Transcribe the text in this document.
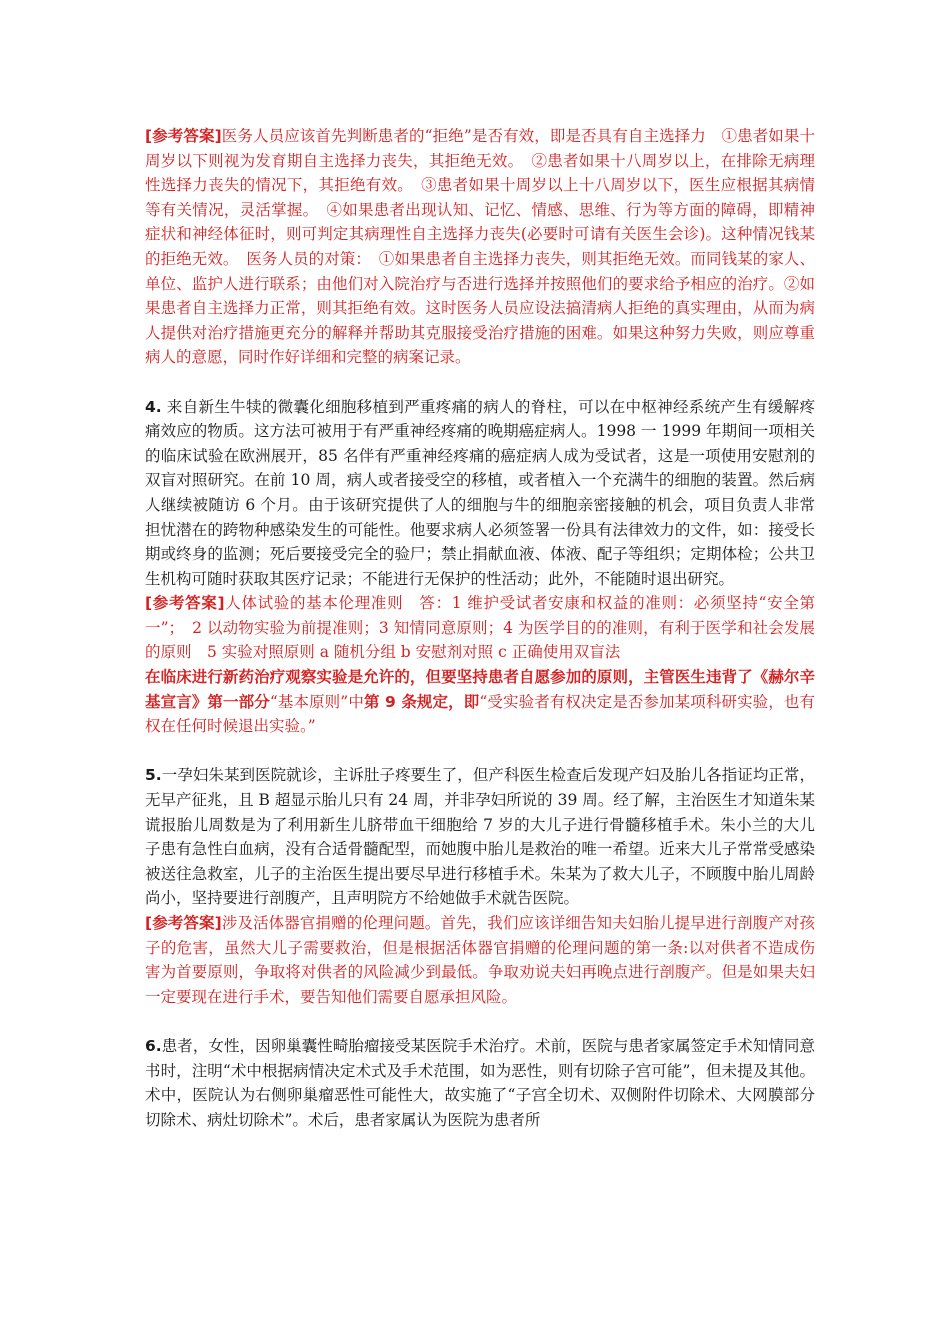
[参考答案]医务人员应该首先判断患者的“拒绝”是否有效，即是否具有自主选择力　①患者如果十周岁以下则视为发育期自主选择力丧失，其拒绝无效。　②患者如果十八周岁以上，在排除无病理性选择力丧失的情况下，其拒绝有效。　③患者如果十周岁以上十八周岁以下，医生应根据其病情等有关情况，灵活掌握。　④如果患者出现认知、记忆、情感、思维、行为等方面的障碍，即精神症状和神经体征时，则可判定其病理性自主选择力丧失(必要时可请有关医生会诊)。这种情况钱某的拒绝无效。　医务人员的对策：　①如果患者自主选择力丧失，则其拒绝无效。而同钱某的家人、单位、监护人进行联系；由他们对入院治疗与否进行选择并按照他们的要求给予相应的治疗。②如果患者自主选择力正常，则其拒绝有效。这时医务人员应设法搞清病人拒绝的真实理由，从而为病人提供对治疗措施更充分的解释并帮助其克服接受治疗措施的困难。如果这种努力失败，则应尊重病人的意愿，同时作好详细和完整的病案记录。

4. 来自新生牛犊的微囊化细胞移植到严重疼痛的病人的脊柱，可以在中枢神经系统产生有缓解疼痛效应的物质。这方法可被用于有严重神经疼痛的晚期癌症病人。1998 一 1999 年期间一项相关的临床试验在欧洲展开，85 名伴有严重神经疼痛的癌症病人成为受试者，这是一项使用安慰剂的双盲对照研究。在前 10 周，病人或者接受空的移植，或者植入一个充满牛的细胞的装置。然后病人继续被随访 6 个月。由于该研究提供了人的细胞与牛的细胞亲密接触的机会，项目负责人非常担忧潜在的跨物种感染发生的可能性。他要求病人必须签署一份具有法律效力的文件，如：接受长期或终身的监测；死后要接受完全的验尸；禁止捐献血液、体液、配子等组织；定期体检；公共卫生机构可随时获取其医疗记录；不能进行无保护的性活动；此外，不能随时退出研究。

[参考答案]人体试验的基本伦理准则　答：1 维护受试者安康和权益的准则：必须坚持“安全第一”；　2 以动物实验为前提准则；3 知情同意原则；4 为医学目的的准则，有利于医学和社会发展的原则　5 实验对照原则 a 随机分组 b 安慰剂对照 c 正确使用双盲法

在临床进行新药治疗观察实验是允许的，但要坚持患者自愿参加的原则，主管医生违背了《赫尔辛基宣言》第一部分“基本原则”中第 9 条规定，即“受实验者有权决定是否参加某项科研实验，也有权在任何时候退出实验。”

5.一孕妇朱某到医院就诊，主诉肚子疼要生了，但产科医生检查后发现产妇及胎儿各指证均正常，无早产征兆，且 B 超显示胎儿只有 24 周，并非孕妇所说的 39 周。经了解，主治医生才知道朱某谎报胎儿周数是为了利用新生儿脐带血干细胞给 7 岁的大儿子进行骨髓移植手术。朱小兰的大儿子患有急性白血病，没有合适骨髓配型，而她腹中胎儿是救治的唯一希望。近来大儿子常常受感染被送往急救室，儿子的主治医生提出要尽早进行移植手术。朱某为了救大儿子，不顾腹中胎儿周龄尚小，坚持要进行剖腹产，且声明院方不给她做手术就告医院。

[参考答案]涉及活体器官捐赠的伦理问题。首先，我们应该详细告知夫妇胎儿提早进行剖腹产对孩子的危害，虽然大儿子需要救治，但是根据活体器官捐赠的伦理问题的第一条:以对供者不造成伤害为首要原则，争取将对供者的风险减少到最低。争取劝说夫妇再晚点进行剖腹产。但是如果夫妇一定要现在进行手术，要告知他们需要自愿承担风险。

6.患者，女性，因卵巢囊性畸胎瘤接受某医院手术治疗。术前，医院与患者家属签定手术知情同意书时，注明“术中根据病情决定术式及手术范围，如为恶性，则有切除子宫可能”，但未提及其他。术中，医院认为右侧卵巢瘤恶性可能性大，故实施了“子宫全切术、双侧附件切除术、大网膜部分切除术、病灶切除术”。术后，患者家属认为医院为患者所
